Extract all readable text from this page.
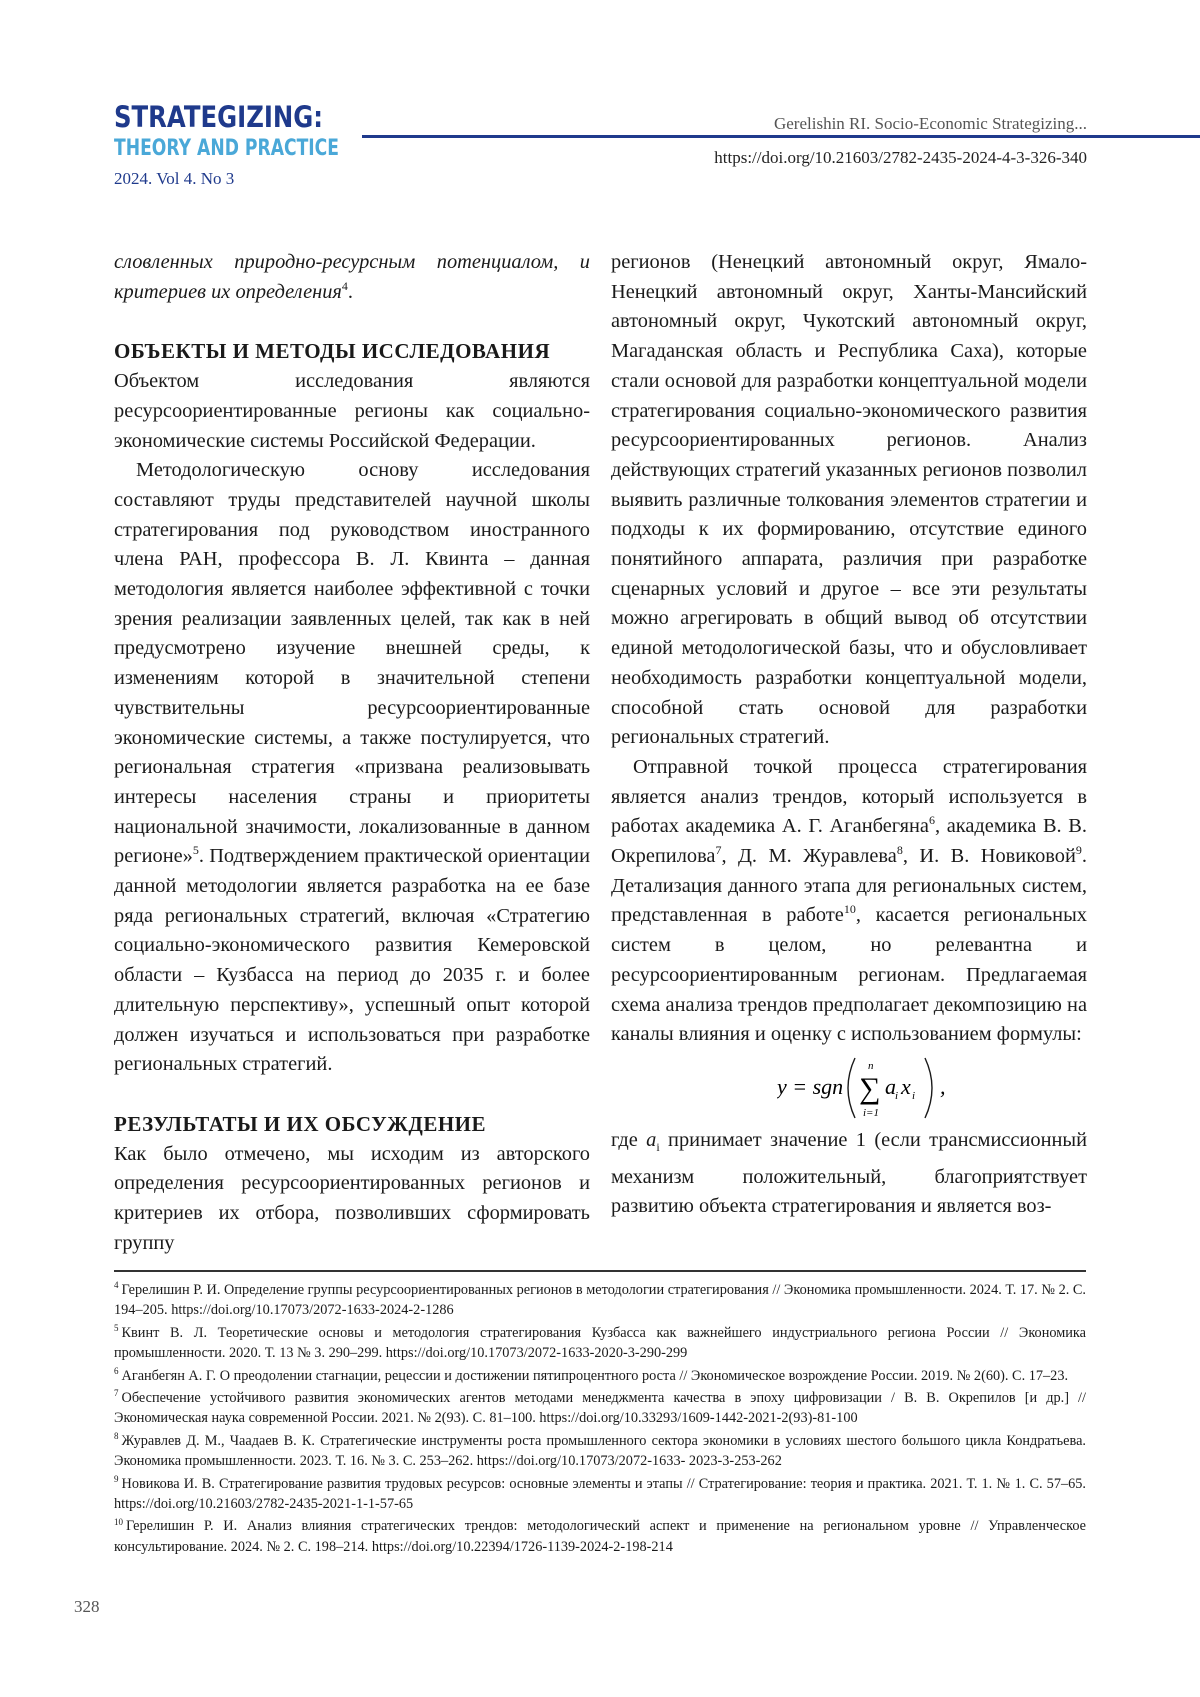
STRATEGIZING:
THEORY AND PRACTICE
2024. Vol 4. No 3
Gerelishin RI. Socio-Economic Strategizing...
https://doi.org/10.21603/2782-2435-2024-4-3-326-340

словленных природно-ресурсным потенциалом, и критериев их определения$^4$.

ОБЪЕКТЫ И МЕТОДЫ ИССЛЕДОВАНИЯ

Объектом исследования являются ресурсоориентированные регионы как социально-экономические системы Российской Федерации.

Методологическую основу исследования составляют труды представителей научной школы стратегирования под руководством иностранного члена РАН, профессора В. Л. Квинта – данная методология является наиболее эффективной с точки зрения реализации заявленных целей, так как в ней предусмотрено изучение внешней среды, к изменениям которой в значительной степени чувствительны ресурсоориентированные экономические системы, а также постулируется, что региональная стратегия «призвана реализовывать интересы населения страны и приоритеты национальной значимости, локализованные в данном регионе»$^5$. Подтверждением практической ориентации данной методологии является разработка на ее базе ряда региональных стратегий, включая «Стратегию социально-экономического развития Кемеровской области – Кузбасса на период до 2035 г. и более длительную перспективу», успешный опыт которой должен изучаться и использоваться при разработке региональных стратегий.

РЕЗУЛЬТАТЫ И ИХ ОБСУЖДЕНИЕ

Как было отмечено, мы исходим из авторского определения ресурсоориентированных регионов и критериев их отбора, позволивших сформировать группу

регионов (Ненецкий автономный округ, Ямало-Ненецкий автономный округ, Ханты-Мансийский автономный округ, Чукотский автономный округ, Магаданская область и Республика Саха), которые стали основой для разработки концептуальной модели стратегирования социально-экономического развития ресурсоориентированных регионов. Анализ действующих стратегий указанных регионов позволил выявить различные толкования элементов стратегии и подходы к их формированию, отсутствие единого понятийного аппарата, различия при разработке сценарных условий и другое – все эти результаты можно агрегировать в общий вывод об отсутствии единой методологической базы, что и обусловливает необходимость разработки концептуальной модели, способной стать основой для разработки региональных стратегий.

Отправной точкой процесса стратегирования является анализ трендов, который используется в работах академика А. Г. Аганбегяна$^6$, академика В. В. Окрепилова$^7$, Д. М. Журавлева$^8$, И. В. Новиковой$^9$. Детализация данного этапа для региональных систем, представленная в работе$^{10}$, касается региональных систем в целом, но релевантна и ресурсоориентированным регионам. Предлагаемая схема анализа трендов предполагает декомпозицию на каналы влияния и оценку с использованием формулы:

y = sgn
n
∑
i=1
a i x i ,

где $a_i$ принимает значение 1 (если трансмиссионный механизм положительный, благоприятствует развитию объекта стратегирования и является воз-

$^4$ Герелишин Р. И. Определение группы ресурсоориентированных регионов в методологии стратегирования // Экономика промышленности. 2024. Т. 17. № 2. С. 194–205. https://doi.org/10.17073/2072-1633-2024-2-1286

$^5$ Квинт В. Л. Теоретические основы и методология стратегирования Кузбасса как важнейшего индустриального региона России // Экономика промышленности. 2020. Т. 13 № 3. 290–299. https://doi.org/10.17073/2072-1633-2020-3-290-299

$^6$ Аганбегян А. Г. О преодолении стагнации, рецессии и достижении пятипроцентного роста // Экономическое возрождение России. 2019. № 2(60). С. 17–23.

$^7$ Обеспечение устойчивого развития экономических агентов методами менеджмента качества в эпоху цифровизации / В. В. Окрепилов [и др.] // Экономическая наука современной России. 2021. № 2(93). С. 81–100. https://doi.org/10.33293/1609-1442-2021-2(93)-81-100

$^8$ Журавлев Д. М., Чаадаев В. К. Стратегические инструменты роста промышленного сектора экономики в условиях шестого большого цикла Кондратьева. Экономика промышленности. 2023. Т. 16. № 3. С. 253–262. https://doi.org/10.17073/2072-1633- 2023-3-253-262

$^9$ Новикова И. В. Стратегирование развития трудовых ресурсов: основные элементы и этапы // Стратегирование: теория и практика. 2021. Т. 1. № 1. С. 57–65. https://doi.org/10.21603/2782-2435-2021-1-1-57-65

$^{10}$ Герелишин Р. И. Анализ влияния стратегических трендов: методологический аспект и применение на региональном уровне // Управленческое консультирование. 2024. № 2. С. 198–214. https://doi.org/10.22394/1726-1139-2024-2-198-214

328
